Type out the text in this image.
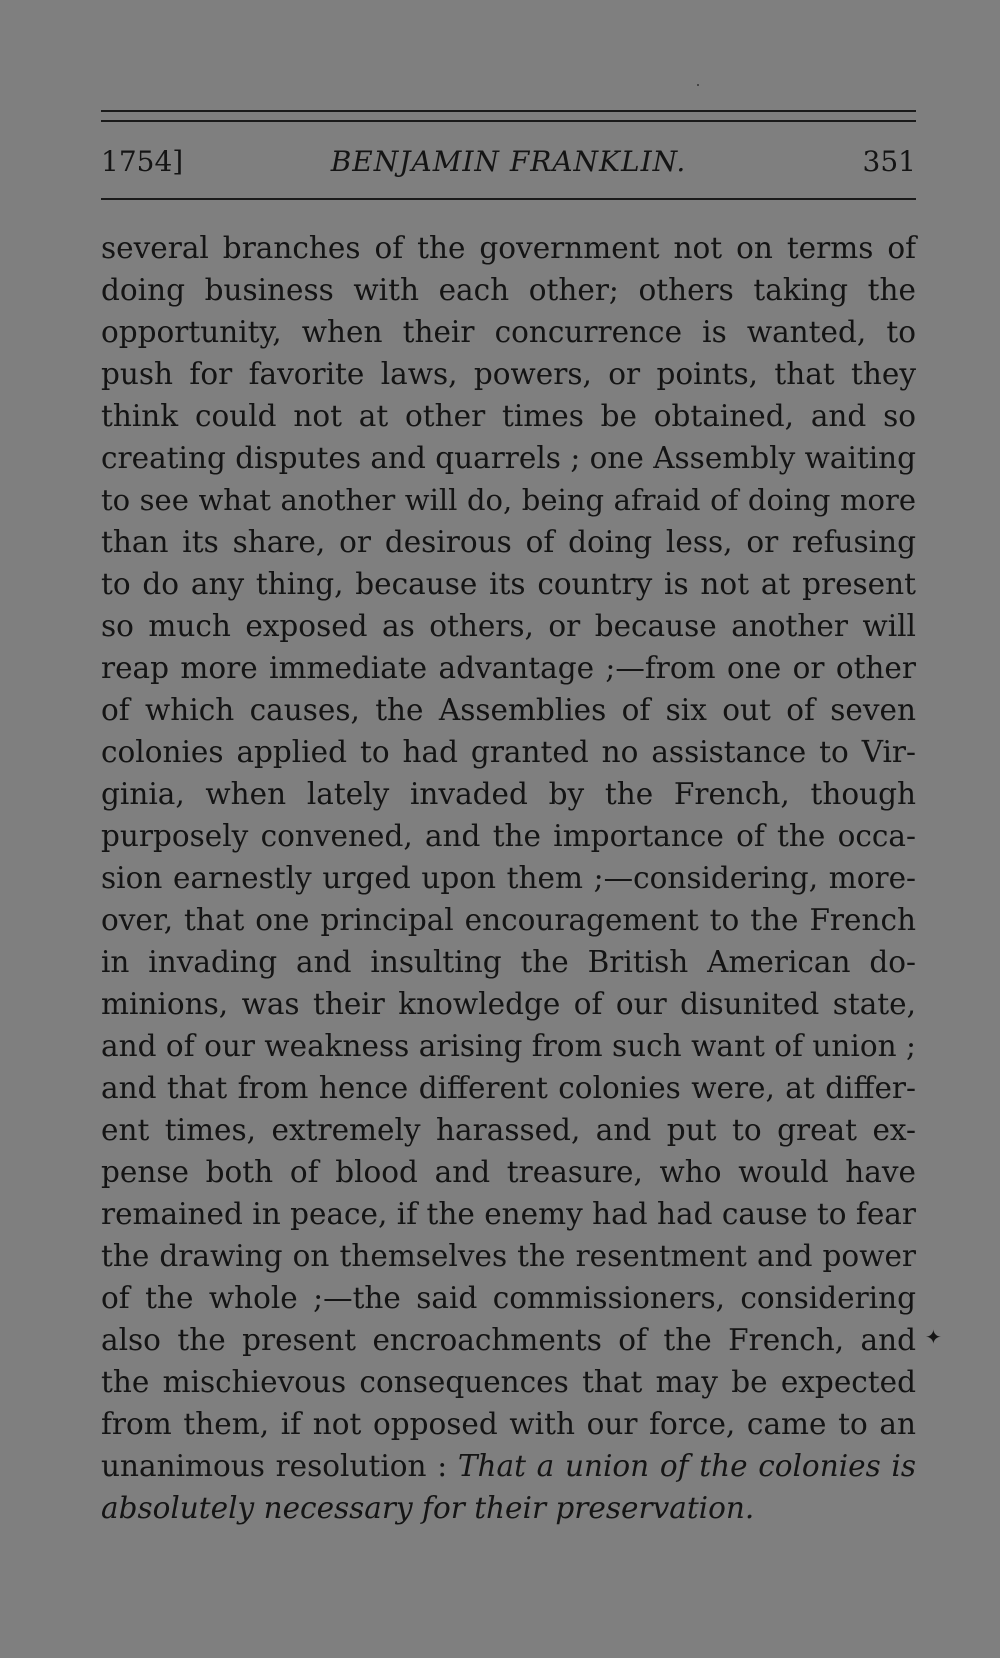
1754]	BENJAMIN FRANKLIN.	351
several branches of the government not on terms of
doing business with each other; others taking the
opportunity, when their concurrence is wanted, to
push for favorite laws, powers, or points, that they
think could not at other times be obtained, and so
creating disputes and quarrels ; one Assembly waiting
to see what another will do, being afraid of doing more
than its share, or desirous of doing less, or refusing
to do any thing, because its country is not at present
so much exposed as others, or because another will
reap more immediate advantage ;—from one or other
of which causes, the Assemblies of six out of seven
colonies applied to had granted no assistance to Vir-
ginia, when lately invaded by the French, though
purposely convened, and the importance of the occa-
sion earnestly urged upon them ;—considering, more-
over, that one principal encouragement to the French
in invading and insulting the British American do-
minions, was their knowledge of our disunited state,
and of our weakness arising from such want of union ;
and that from hence different colonies were, at differ-
ent times, extremely harassed, and put to great ex-
pense both of blood and treasure, who would have
remained in peace, if the enemy had had cause to fear
the drawing on themselves the resentment and power
of the whole ;—the said commissioners, considering
also the present encroachments of the French, and
the mischievous consequences that may be expected
from them, if not opposed with our force, came to an
unanimous resolution : That a union of the colonies is
absolutely necessary for their preservation.
✦
